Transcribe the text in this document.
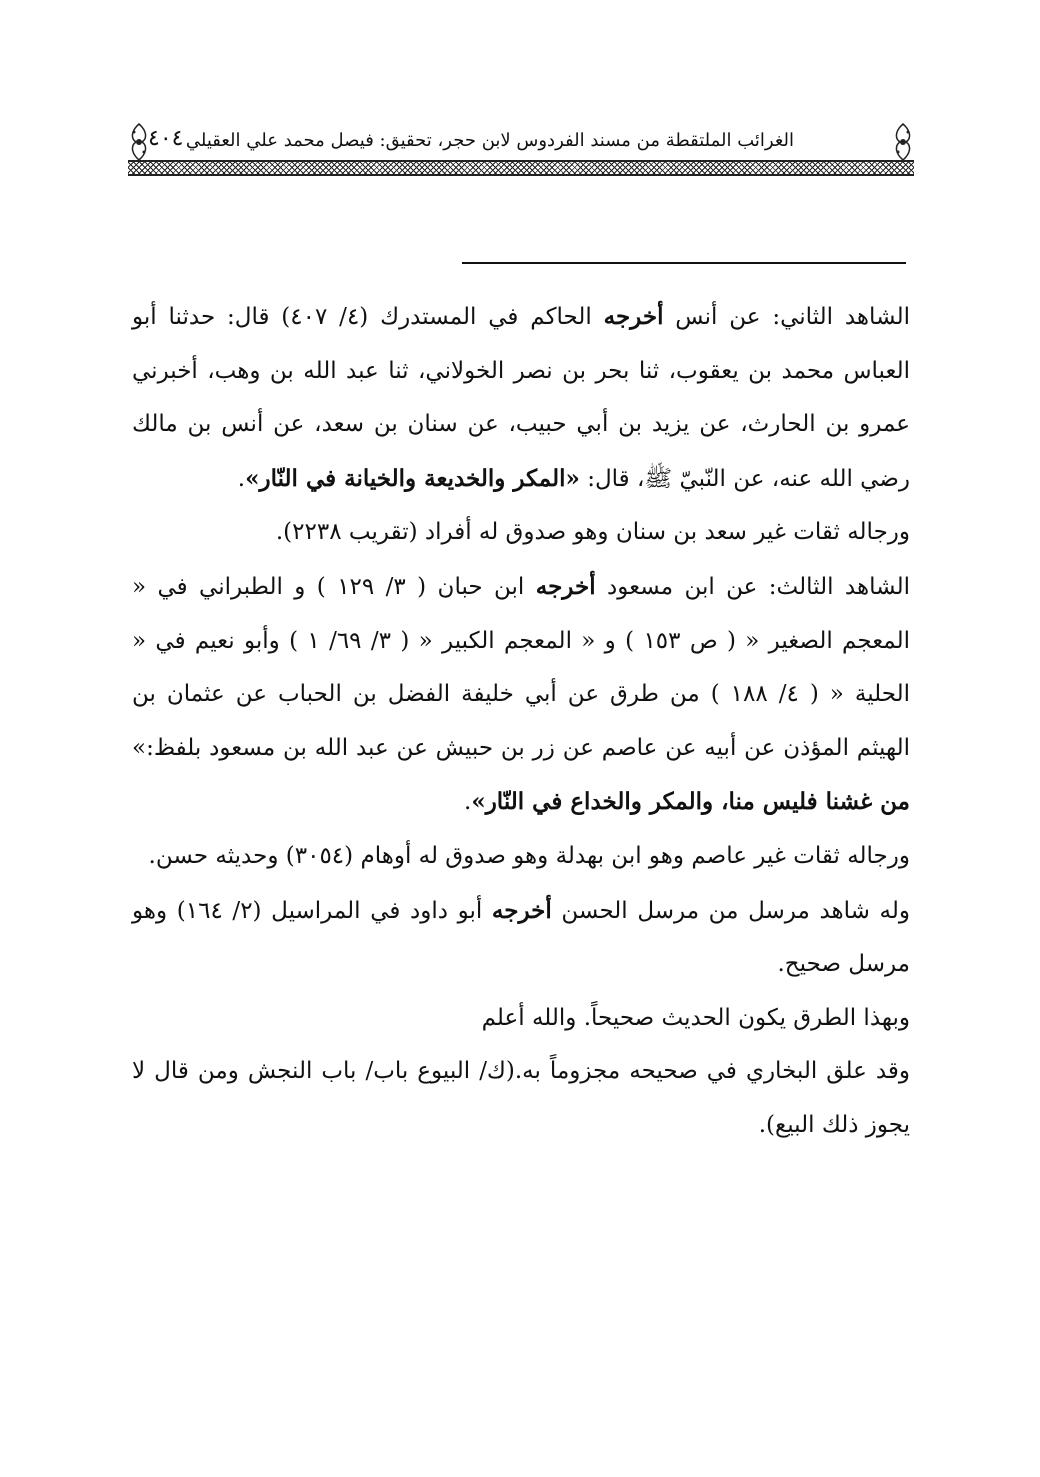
٤٠٤ الغرائب الملتقطة من مسند الفردوس لابن حجر، تحقيق: فيصل محمد علي العقيلي

الشاهد الثاني: عن أنس أخرجه الحاكم في المستدرك (٤/ ٤٠٧) قال: حدثنا أبو العباس محمد بن يعقوب، ثنا بحر بن نصر الخولاني، ثنا عبد الله بن وهب، أخبرني عمرو بن الحارث، عن يزيد بن أبي حبيب، عن سنان بن سعد، عن أنس بن مالك رضي الله عنه، عن النّبيّ ﷺ، قال: «المكر والخديعة والخيانة في النّار».

ورجاله ثقات غير سعد بن سنان وهو صدوق له أفراد (تقريب ٢٢٣٨).

الشاهد الثالث: عن ابن مسعود أخرجه ابن حبان ( ٣/ ١٢٩ ) و الطبراني في « المعجم الصغير « ( ص ١٥٣ ) و « المعجم الكبير « ( ٣/ ٦٩/ ١ ) وأبو نعيم في « الحلية « ( ٤/ ١٨٨ ) من طرق عن أبي خليفة الفضل بن الحباب عن عثمان بن الهيثم المؤذن عن أبيه عن عاصم عن زر بن حبيش عن عبد الله بن مسعود بلفظ:» من غشنا فليس منا، والمكر والخداع في النّار».

ورجاله ثقات غير عاصم وهو ابن بهدلة وهو صدوق له أوهام (٣٠٥٤) وحديثه حسن.

وله شاهد مرسل من مرسل الحسن أخرجه أبو داود في المراسيل (٢/ ١٦٤) وهو مرسل صحيح.

وبهذا الطرق يكون الحديث صحيحاً. والله أعلم

وقد علق البخاري في صحيحه مجزوماً به.(ك/ البيوع باب/ باب النجش ومن قال لا يجوز ذلك البيع).
